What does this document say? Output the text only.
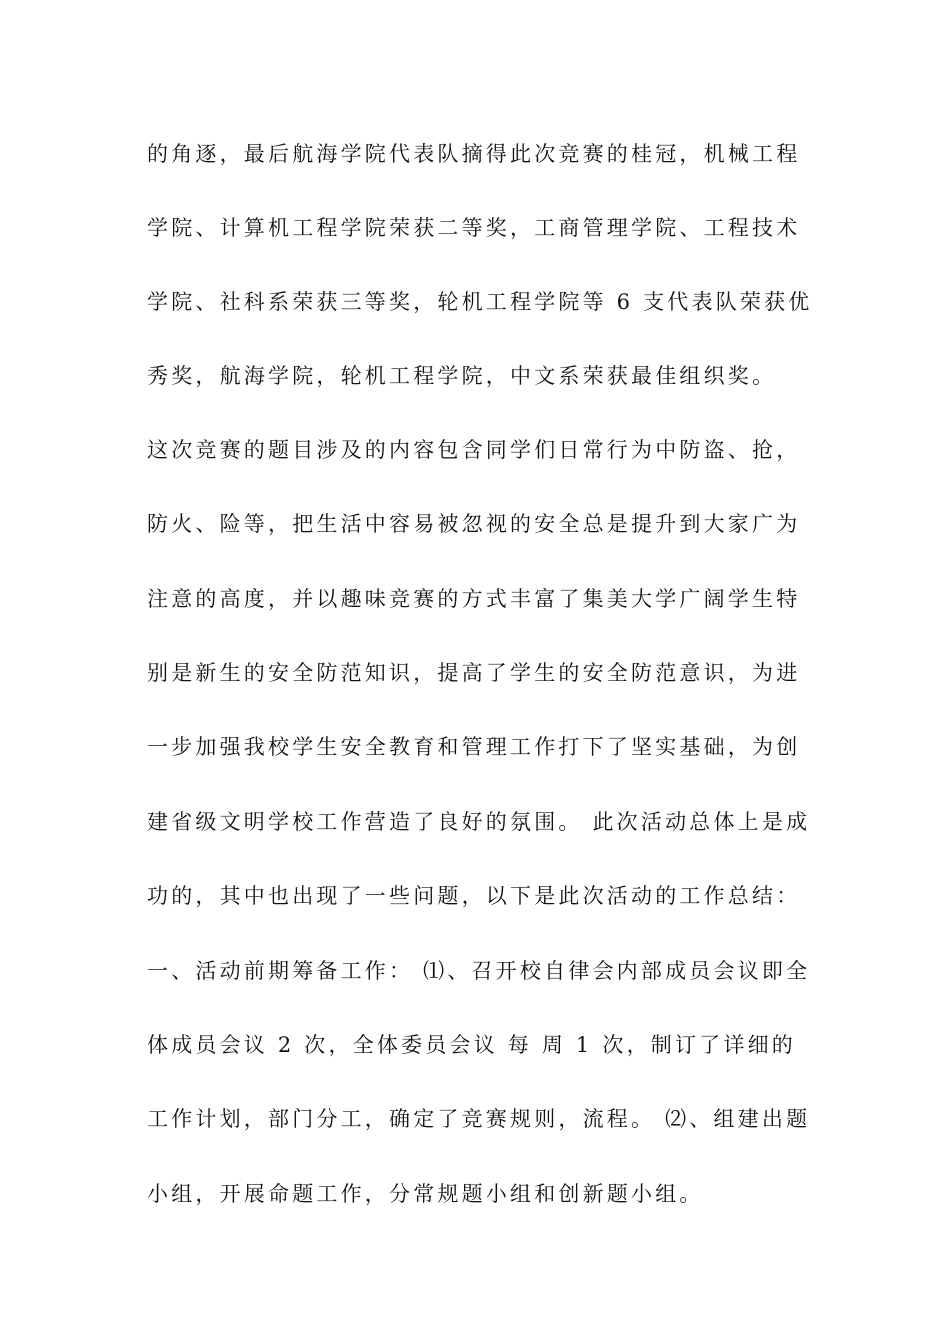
的角逐，最后航海学院代表队摘得此次竞赛的桂冠，机械工程
学院、计算机工程学院荣获二等奖，工商管理学院、工程技术
学院、社科系荣获三等奖，轮机工程学院等 6 支代表队荣获优
秀奖，航海学院，轮机工程学院，中文系荣获最佳组织奖。
这次竞赛的题目涉及的内容包含同学们日常行为中防盗、抢，
防火、险等，把生活中容易被忽视的安全总是提升到大家广为
注意的高度，并以趣味竞赛的方式丰富了集美大学广阔学生特
别是新生的安全防范知识，提高了学生的安全防范意识，为进
一步加强我校学生安全教育和管理工作打下了坚实基础，为创
建省级文明学校工作营造了良好的氛围。 此次活动总体上是成
功的，其中也出现了一些问题，以下是此次活动的工作总结：
一、活动前期筹备工作： ⑴、召开校自律会内部成员会议即全
体成员会议 2 次，全体委员会议 每 周 1 次，制订了详细的
工作计划，部门分工，确定了竞赛规则，流程。 ⑵、组建出题
小组，开展命题工作，分常规题小组和创新题小组。
